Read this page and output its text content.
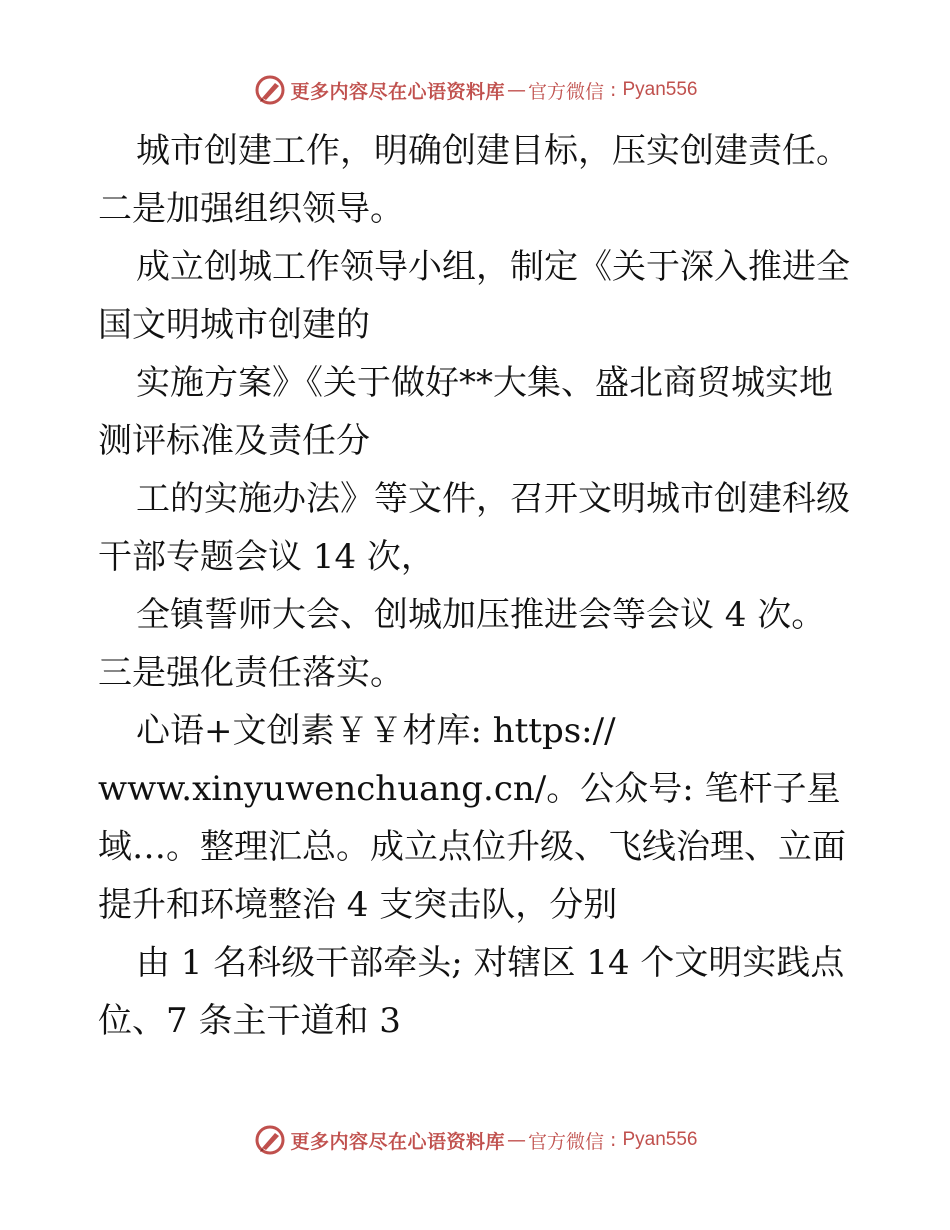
更多内容尽在心语资料库 — 官方微信 : Pyan556
城市创建工作，明确创建目标，压实创建责任。
二是加强组织领导。
成立创城工作领导小组，制定《关于深入推进全
国文明城市创建的
实施方案》《关于做好**大集、盛北商贸城实地
测评标准及责任分
工的实施办法》等文件，召开文明城市创建科级
干部专题会议 14 次，
全镇誓师大会、创城加压推进会等会议 4 次。
三是强化责任落实。
心语+文创素￥￥材库: https://
www.xinyuwenchuang.cn/。公众号: 笔杆子星
域…。整理汇总。成立点位升级、飞线治理、立面
提升和环境整治 4 支突击队，分别
由 1 名科级干部牵头; 对辖区 14 个文明实践点
位、7 条主干道和 3
更多内容尽在心语资料库 — 官方微信 : Pyan556
